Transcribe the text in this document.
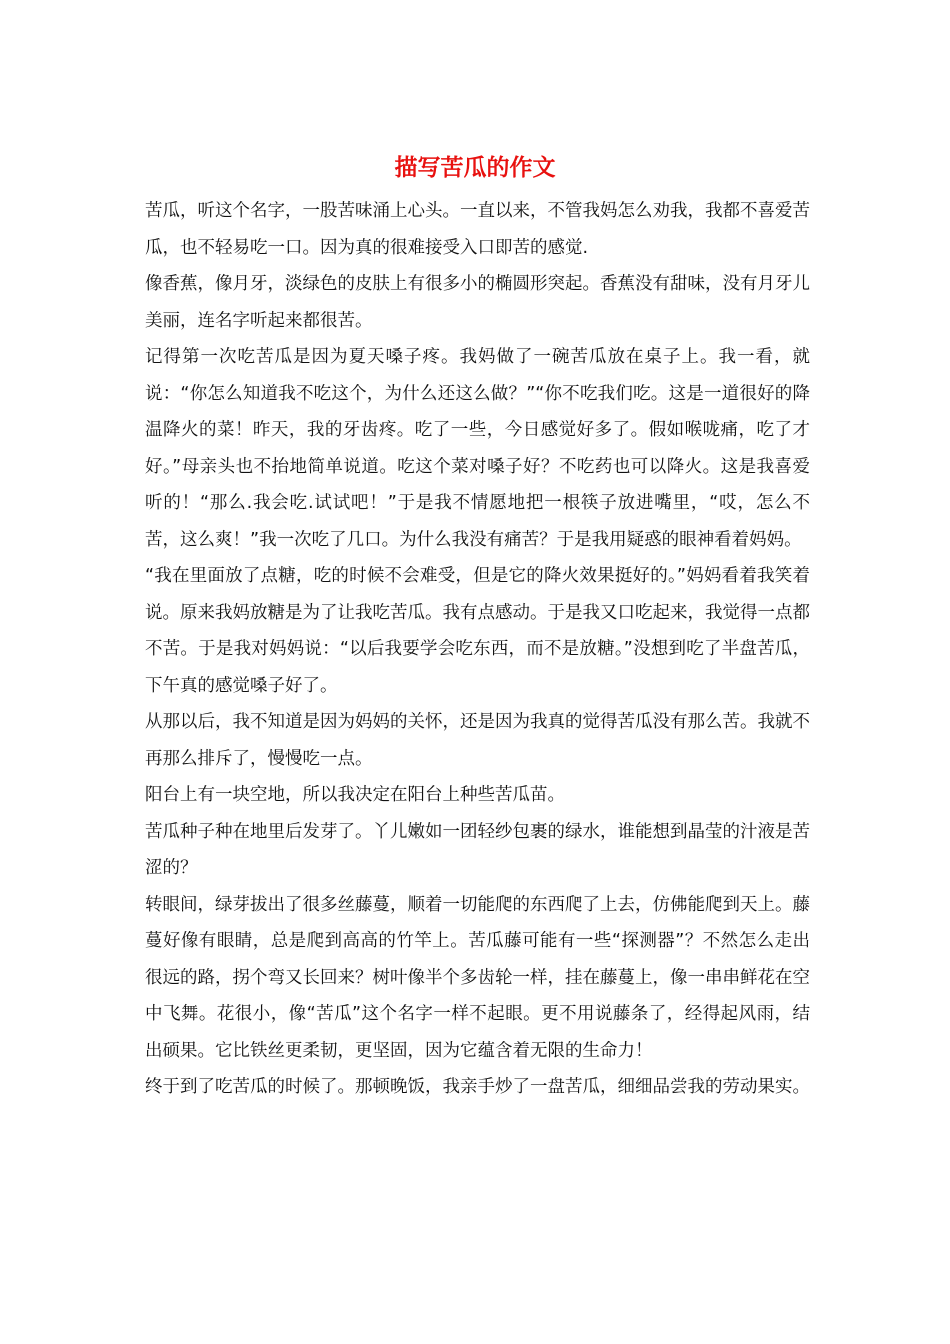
描写苦瓜的作文

苦瓜，听这个名字，一股苦味涌上心头。一直以来，不管我妈怎么劝我，我都不喜爱苦瓜，也不轻易吃一口。因为真的很难接受入口即苦的感觉.

像香蕉，像月牙，淡绿色的皮肤上有很多小的椭圆形突起。香蕉没有甜味，没有月牙儿美丽，连名字听起来都很苦。

记得第一次吃苦瓜是因为夏天嗓子疼。我妈做了一碗苦瓜放在桌子上。我一看，就说：“你怎么知道我不吃这个，为什么还这么做？”“你不吃我们吃。这是一道很好的降温降火的菜！昨天，我的牙齿疼。吃了一些，今日感觉好多了。假如喉咙痛，吃了才好。”母亲头也不抬地简单说道。吃这个菜对嗓子好？不吃药也可以降火。这是我喜爱听的！“那么.我会吃.试试吧！”于是我不情愿地把一根筷子放进嘴里，“哎，怎么不苦，这么爽！”我一次吃了几口。为什么我没有痛苦？于是我用疑惑的眼神看着妈妈。

“我在里面放了点糖，吃的时候不会难受，但是它的降火效果挺好的。”妈妈看着我笑着说。原来我妈放糖是为了让我吃苦瓜。我有点感动。于是我又口吃起来，我觉得一点都不苦。于是我对妈妈说：“以后我要学会吃东西，而不是放糖。”没想到吃了半盘苦瓜，下午真的感觉嗓子好了。

从那以后，我不知道是因为妈妈的关怀，还是因为我真的觉得苦瓜没有那么苦。我就不再那么排斥了，慢慢吃一点。

阳台上有一块空地，所以我决定在阳台上种些苦瓜苗。

苦瓜种子种在地里后发芽了。丫儿嫩如一团轻纱包裹的绿水，谁能想到晶莹的汁液是苦涩的？

转眼间，绿芽拔出了很多丝藤蔓，顺着一切能爬的东西爬了上去，仿佛能爬到天上。藤蔓好像有眼睛，总是爬到高高的竹竿上。苦瓜藤可能有一些“探测器”？不然怎么走出很远的路，拐个弯又长回来？树叶像半个多齿轮一样，挂在藤蔓上，像一串串鲜花在空中飞舞。花很小，像“苦瓜”这个名字一样不起眼。更不用说藤条了，经得起风雨，结出硕果。它比铁丝更柔韧，更坚固，因为它蕴含着无限的生命力！

终于到了吃苦瓜的时候了。那顿晚饭，我亲手炒了一盘苦瓜，细细品尝我的劳动果实。
